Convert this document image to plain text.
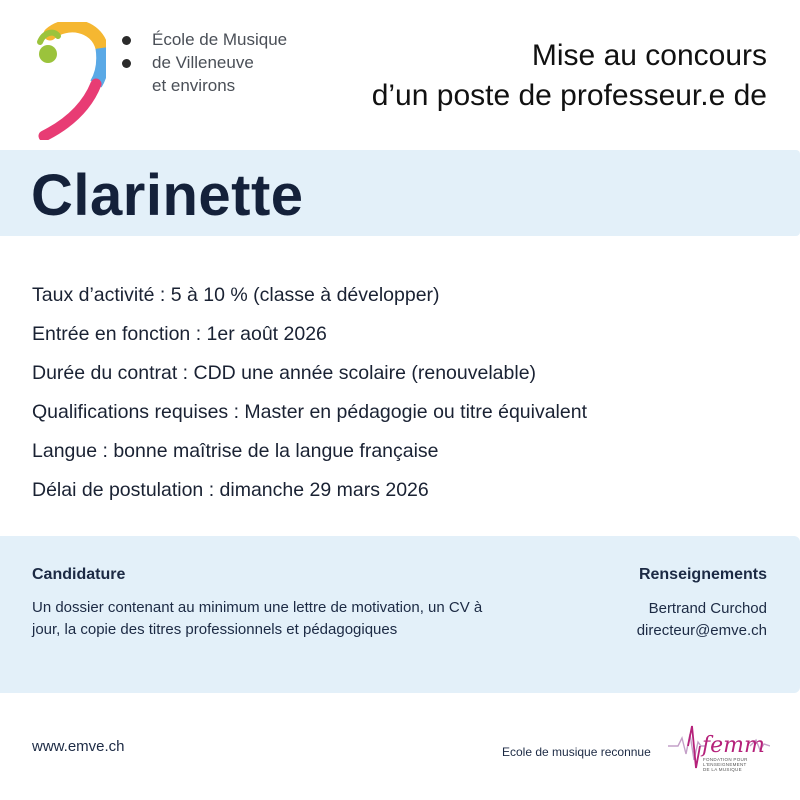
École de Musique
de Villeneuve
et environs
Mise au concours
d’un poste de professeur.e de
Clarinette
Taux d’activité : 5 à 10 % (classe à développer)
Entrée en fonction : 1er août 2026
Durée du contrat : CDD une année scolaire (renouvelable)
Qualifications requises : Master en pédagogie ou titre équivalent
Langue : bonne maîtrise de la langue française
Délai de postulation : dimanche 29 mars 2026
Candidature
Un dossier contenant au minimum une lettre de motivation, un CV à jour, la copie des titres professionnels et pédagogiques
Renseignements
Bertrand Curchod
directeur@emve.ch
www.emve.ch	Ecole de musique reconnue femm
FONDATION POUR
L'ENSEIGNEMENT
DE LA MUSIQUE
